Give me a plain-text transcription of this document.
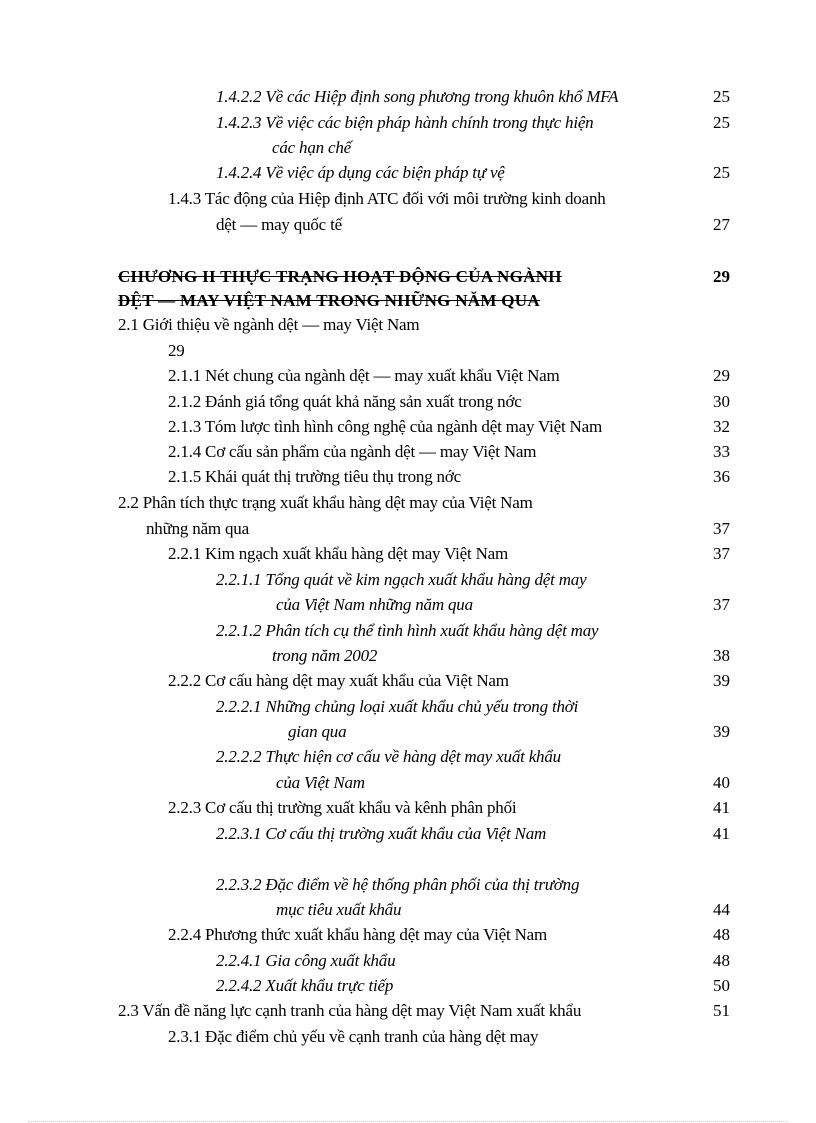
1.4.2.2 Về các Hiệp định song phương trong khuôn khổ MFA	25
1.4.2.3 Về việc các biện pháp hành chính trong thực hiện	25
các hạn chế
1.4.2.4 Về việc áp dụng các biện pháp tự vệ	25
1.4.3 Tác động của Hiệp định ATC đối với môi trường kinh doanh
dệt — may quốc tế	27
CHƯƠNG II THỰC TRẠNG HOẠT ĐỘNG CỦA NGÀNH	29
DỆT — MAY VIỆT NAM TRONG NHỮNG NĂM QUA
2.1 Giới thiệu về ngành dệt — may Việt Nam
29
2.1.1 Nét chung của ngành dệt — may xuất khẩu Việt Nam	29
2.1.2 Đánh giá tổng quát khả năng sản xuất trong nớc	30
2.1.3 Tóm lược tình hình công nghệ của ngành dệt may Việt Nam	32
2.1.4 Cơ cấu sản phẩm của ngành dệt — may Việt Nam	33
2.1.5 Khái quát thị trường tiêu thụ trong nớc	36
2.2 Phân tích thực trạng xuất khẩu hàng dệt may của Việt Nam
những năm qua	37
2.2.1 Kim ngạch xuất khẩu hàng dệt may Việt Nam	37
2.2.1.1 Tổng quát về kim ngạch xuất khẩu hàng dệt may
của Việt Nam những năm qua	37
2.2.1.2 Phân tích cụ thể tình hình xuất khẩu hàng dệt may
trong năm 2002	38
2.2.2 Cơ cấu hàng dệt may xuất khẩu của Việt Nam	39
2.2.2.1 Những chủng loại xuất khẩu chủ yếu trong thời
gian qua	39
2.2.2.2 Thực hiện cơ cấu về hàng dệt may xuất khẩu
của Việt Nam	40
2.2.3 Cơ cấu thị trường xuất khẩu và kênh phân phối	41
2.2.3.1 Cơ cấu thị trường xuất khẩu của Việt Nam	41
2.2.3.2 Đặc điểm về hệ thống phân phối của thị trường
mục tiêu xuất khẩu	44
2.2.4 Phương thức xuất khẩu hàng dệt may của Việt Nam	48
2.2.4.1 Gia công xuất khẩu	48
2.2.4.2 Xuất khẩu trực tiếp	50
2.3 Vấn đề năng lực cạnh tranh của hàng dệt may Việt Nam xuất khẩu	51
2.3.1 Đặc điểm chủ yếu về cạnh tranh của hàng dệt may
